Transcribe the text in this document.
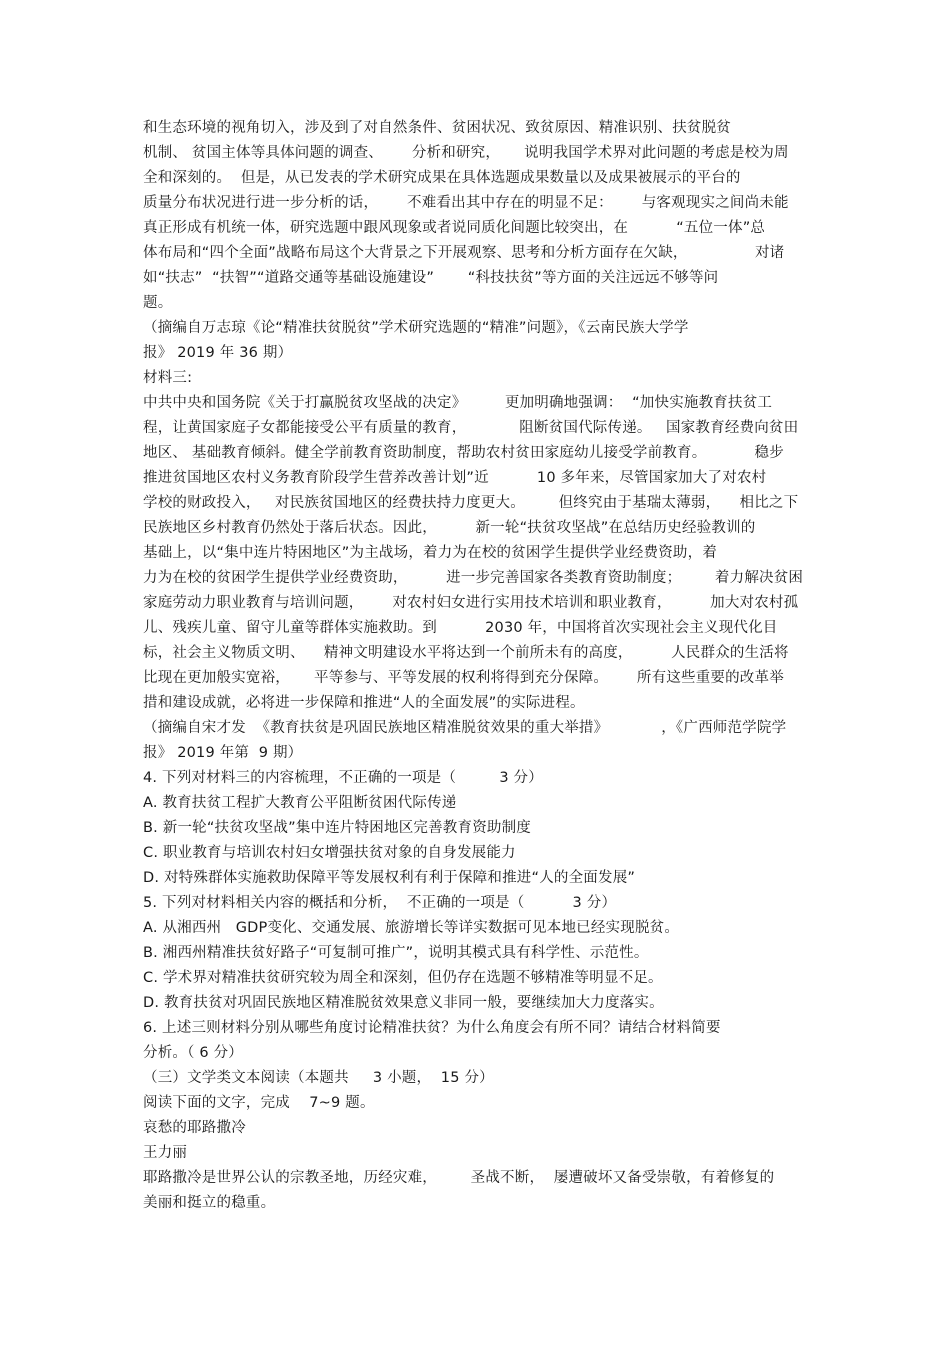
和生态环境的视角切入，涉及到了对自然条件、贫困状况、致贫原因、精准识别、扶贫脱贫
机制、 贫国主体等具体问题的调查、      分析和研究，     说明我国学术界对此问题的考虑是校为周
全和深刻的。  但是，从已发表的学术研究成果在具体选题成果数量以及成果被展示的平台的
质量分布状况进行进一步分析的话，      不难看出其中存在的明显不足：      与客观现实之间尚未能
真正形成有机统一体，研究选题中跟风现象或者说同质化间题比较突出，在          “五位一体”总
体布局和“四个全面”战略布局这个大背景之下开展观察、思考和分析方面存在欠缺，              对诸
如“扶志”  “扶智”“道路交通等基础设施建设”       “科技扶贫”等方面的关注远远不够等问
题。
（摘编自万志琼《论“精准扶贫脱贫”学术研究选题的“精准”问题》，《云南民族大学学
报》 2019 年 36 期）
材料三:
中共中央和国务院《关于打赢脱贫攻坚战的决定》        更加明确地强调：  “加快实施教育扶贫工
程，让黄国家庭子女都能接受公平有质量的教育，           阻断贫国代际传递。   国家教育经费向贫田
地区、 基础教育倾斜。健全学前教育资助制度，帮助农村贫田家庭幼儿接受学前教育。          稳步
推进贫国地区农村义务教育阶段学生营养改善计划”近          10 多年来，尽管国家加大了对农村
学校的财政投入，   对民族贫国地区的经费扶持力度更大。       但终究由于基瑞太薄弱，    相比之下
民族地区乡村教育仍然处于落后状态。因此，        新一轮“扶贫攻坚战”在总结历史经验教训的
基础上，以“集中连片特困地区”为主战场，着力为在校的贫困学生提供学业经费资助，着
力为在校的贫困学生提供学业经费资助，        进一步完善国家各类教育资助制度；       着力解决贫困
家庭劳动力职业教育与培训问题，      对农村妇女进行实用技术培训和职业教育，        加大对农村孤
儿、残疾儿童、留守儿童等群体实施救助。到          2030 年，中国将首次实现社会主义现代化目
标，社会主义物质文明、    精神文明建设水平将达到一个前所未有的高度，        人民群众的生活将
比现在更加般实宽裕，     平等参与、平等发展的权利将得到充分保障。      所有这些重要的改革举
措和建设成就，必将进一步保障和推进“人的全面发展”的实际进程。
（摘编自宋才发  《教育扶贫是巩固民族地区精准脱贫效果的重大举措》           ，《广西师范学院学
报》 2019 年第  9 期）
4. 下列对材料三的内容梳理，不正确的一项是（         3 分）
A. 教育扶贫工程扩大教育公平阻断贫困代际传递
B. 新一轮“扶贫攻坚战”集中连片特困地区完善教育资助制度
C. 职业教育与培训农村妇女增强扶贫对象的自身发展能力
D. 对特殊群体实施救助保障平等发展权利有利于保障和推进“人的全面发展”
5. 下列对材料相关内容的概括和分析，  不正确的一项是（          3 分）
A. 从湘西州   GDP变化、交通发展、旅游增长等详实数据可见本地已经实现脱贫。
B. 湘西州精准扶贫好路子“可复制可推广”，说明其模式具有科学性、示范性。
C. 学术界对精准扶贫研究较为周全和深刻，但仍存在选题不够精准等明显不足。
D. 教育扶贫对巩固民族地区精准脱贫效果意义非同一般，要继续加大力度落实。
6. 上述三则材料分别从哪些角度讨论精准扶贫？为什么角度会有所不同？请结合材料简要
分析。（ 6 分）
（三）文学类文本阅读（本题共     3 小题，  15 分）
阅读下面的文字，完成    7~9 题。
哀愁的耶路撒冷
王力丽
耶路撒冷是世界公认的宗教圣地，历经灾难，       圣战不断，  屡遭破坏又备受崇敬，有着修复的
美丽和挺立的稳重。
